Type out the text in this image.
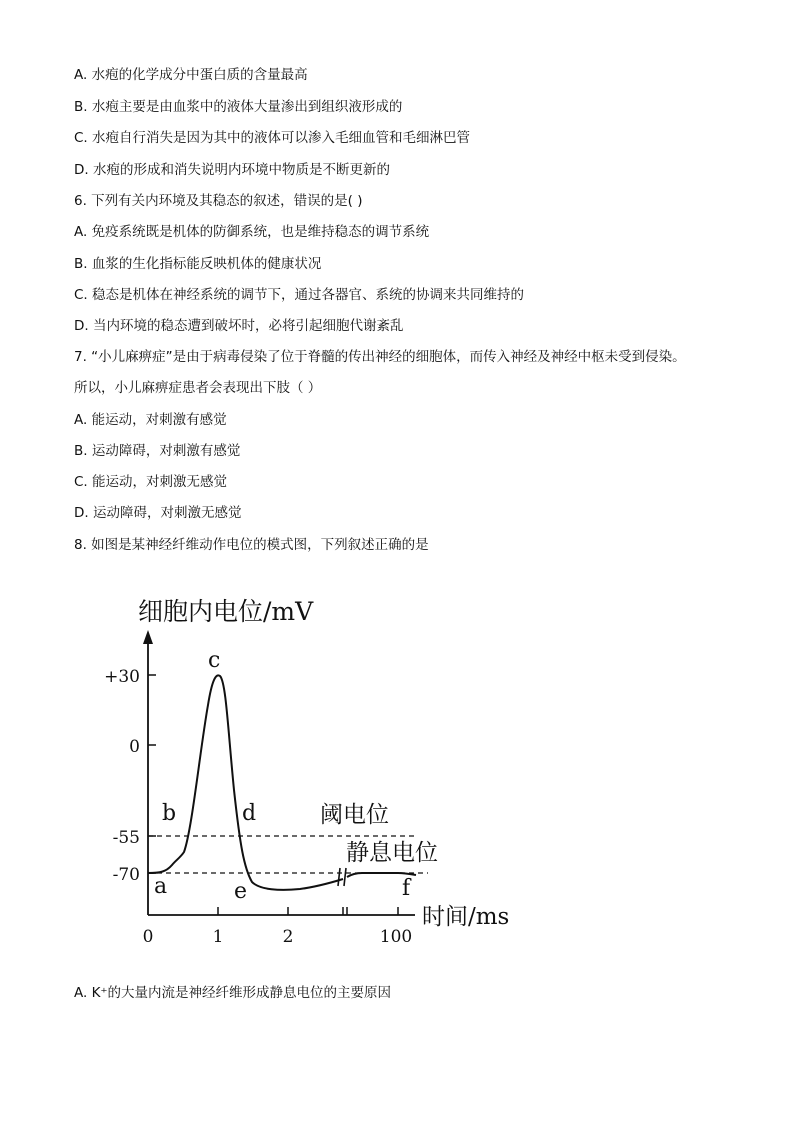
A. 水疱的化学成分中蛋白质的含量最高
B. 水疱主要是由血浆中的液体大量渗出到组织液形成的
C. 水疱自行消失是因为其中的液体可以渗入毛细血管和毛细淋巴管
D. 水疱的形成和消失说明内环境中物质是不断更新的
6. 下列有关内环境及其稳态的叙述，错误的是( )
A. 免疫系统既是机体的防御系统，也是维持稳态的调节系统
B. 血浆的生化指标能反映机体的健康状况
C. 稳态是机体在神经系统的调节下，通过各器官、系统的协调来共同维持的
D. 当内环境的稳态遭到破坏时，必将引起细胞代谢紊乱
7. “小儿麻痹症”是由于病毒侵染了位于脊髓的传出神经的细胞体，而传入神经及神经中枢未受到侵染。
所以，小儿麻痹症患者会表现出下肢（ ）
A. 能运动，对刺激有感觉
B. 运动障碍，对刺激有感觉
C. 能运动，对刺激无感觉
D. 运动障碍，对刺激无感觉
8. 如图是某神经纤维动作电位的模式图，下列叙述正确的是
细胞内电位/mV
时间/ms
+30
0
-55
-70
0	1	2	100
a
b
c
d
e	f
阈电位
静息电位
A. K⁺的大量内流是神经纤维形成静息电位的主要原因
